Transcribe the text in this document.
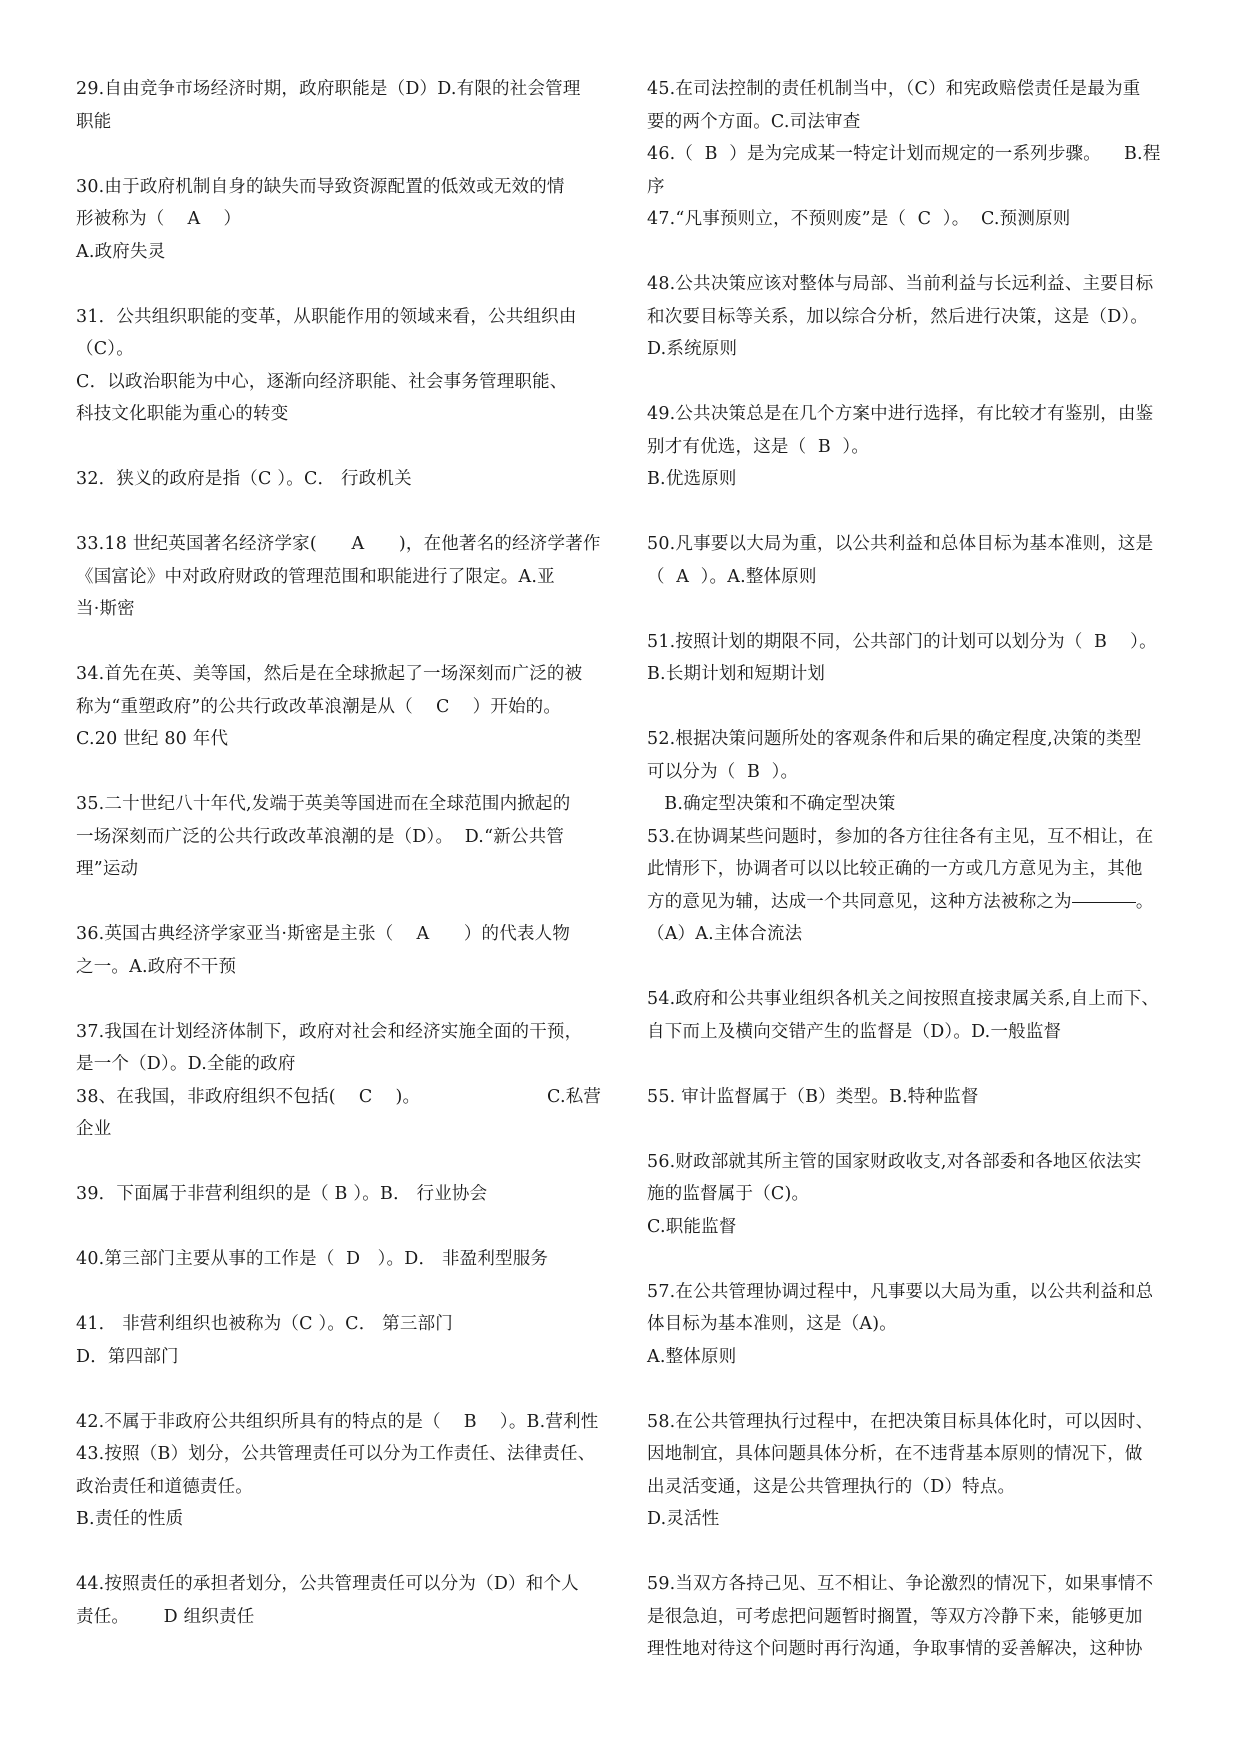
29.自由竞争市场经济时期，政府职能是（D）D.有限的社会管理
职能
30.由于政府机制自身的缺失而导致资源配置的低效或无效的情
形被称为（    A    ）
A.政府失灵
31．公共组织职能的变革，从职能作用的领域来看，公共组织由
（C）。
C．以政治职能为中心，逐渐向经济职能、社会事务管理职能、
科技文化职能为重心的转变
32．狭义的政府是指（C ）。C． 行政机关
33.18 世纪英国著名经济学家(      A      )，在他著名的经济学著作
《国富论》中对政府财政的管理范围和职能进行了限定。A.亚
当·斯密
34.首先在英、美等国，然后是在全球掀起了一场深刻而广泛的被
称为“重塑政府”的公共行政改革浪潮是从（    C    ）开始的。
C.20 世纪 80 年代
35.二十世纪八十年代,发端于英美等国进而在全球范围内掀起的
一场深刻而广泛的公共行政改革浪潮的是（D）。  D.“新公共管
理”运动
36.英国古典经济学家亚当·斯密是主张（    A      ）的代表人物
之一。A.政府不干预
37.我国在计划经济体制下，政府对社会和经济实施全面的干预，
是一个（D）。D.全能的政府
38、在我国，非政府组织不包括(    C    )。                      C.私营
企业
39．下面属于非营利组织的是（ B ）。B． 行业协会
40.第三部门主要从事的工作是（  D   ）。D． 非盈利型服务
41． 非营利组织也被称为（C ）。C． 第三部门
D．第四部门
42.不属于非政府公共组织所具有的特点的是（    B    ）。B.营利性
43.按照（B）划分，公共管理责任可以分为工作责任、法律责任、
政治责任和道德责任。
B.责任的性质
44.按照责任的承担者划分，公共管理责任可以分为（D）和个人
责任。      D 组织责任
45.在司法控制的责任机制当中，（C）和宪政赔偿责任是最为重
要的两个方面。C.司法审查
46.（  B  ）是为完成某一特定计划而规定的一系列步骤。    B.程
序
47.“凡事预则立，不预则废”是（  C  ）。  C.预测原则
48.公共决策应该对整体与局部、当前利益与长远利益、主要目标
和次要目标等关系，加以综合分析，然后进行决策，这是（D）。
D.系统原则
49.公共决策总是在几个方案中进行选择，有比较才有鉴别，由鉴
别才有优选，这是（  B  ）。
B.优选原则
50.凡事要以大局为重，以公共利益和总体目标为基本准则，这是
（  A  ）。A.整体原则
51.按照计划的期限不同，公共部门的计划可以划分为（  B    ）。
B.长期计划和短期计划
52.根据决策问题所处的客观条件和后果的确定程度,决策的类型
可以分为（  B  ）。
B.确定型决策和不确定型决策
53.在协调某些问题时，参加的各方往往各有主见，互不相让，在
此情形下，协调者可以以比较正确的一方或几方意见为主，其他
方的意见为辅，达成一个共同意见，这种方法被称之为	。
（A）A.主体合流法
54.政府和公共事业组织各机关之间按照直接隶属关系,自上而下、
自下而上及横向交错产生的监督是（D）。D.一般监督
55. 审计监督属于（B）类型。B.特种监督
56.财政部就其所主管的国家财政收支,对各部委和各地区依法实
施的监督属于（C)。
C.职能监督
57.在公共管理协调过程中，凡事要以大局为重，以公共利益和总
体目标为基本准则，这是（A)。
A.整体原则
58.在公共管理执行过程中，在把决策目标具体化时，可以因时、
因地制宜，具体问题具体分析，在不违背基本原则的情况下，做
出灵活变通，这是公共管理执行的（D）特点。
D.灵活性
59.当双方各持己见、互不相让、争论激烈的情况下，如果事情不
是很急迫，可考虑把问题暂时搁置，等双方冷静下来，能够更加
理性地对待这个问题时再行沟通，争取事情的妥善解决，这种协
